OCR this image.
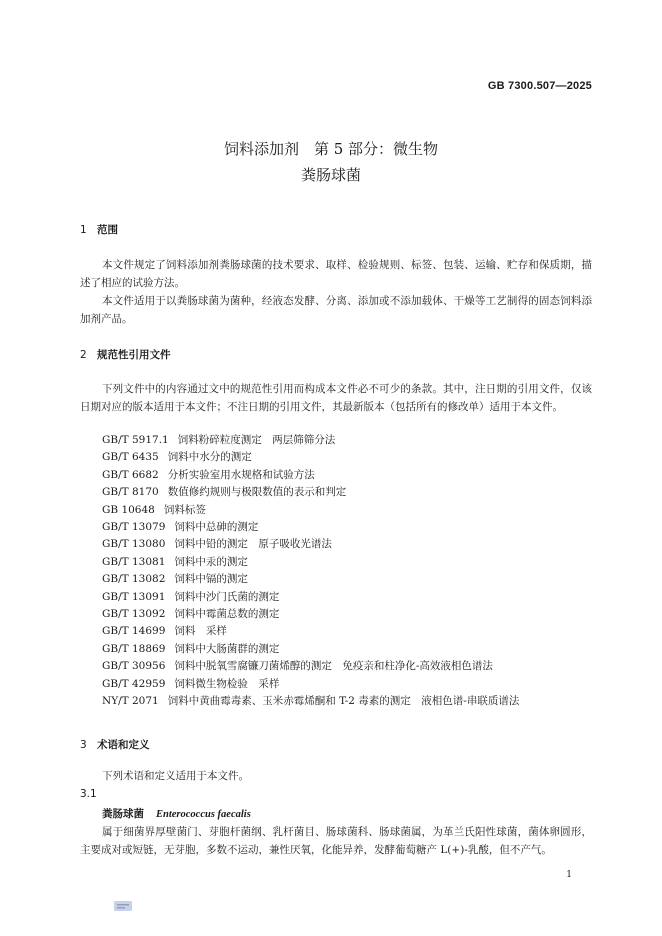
GB 7300.507—2025
饲料添加剂　第 5 部分：微生物
粪肠球菌
1 范围

本文件规定了饲料添加剂粪肠球菌的技术要求、取样、检验规则、标签、包装、运输、贮存和保质期，描述了相应的试验方法。

本文件适用于以粪肠球菌为菌种，经液态发酵、分离、添加或不添加载体、干燥等工艺制得的固态饲料添加剂产品。

2 规范性引用文件

下列文件中的内容通过文中的规范性引用而构成本文件必不可少的条款。其中，注日期的引用文件，仅该日期对应的版本适用于本文件；不注日期的引用文件，其最新版本（包括所有的修改单）适用于本文件。

GB/T 5917.1 饲料粉碎粒度测定　两层筛筛分法
GB/T 6435 饲料中水分的测定
GB/T 6682 分析实验室用水规格和试验方法
GB/T 8170 数值修约规则与极限数值的表示和判定
GB 10648 饲料标签
GB/T 13079 饲料中总砷的测定
GB/T 13080 饲料中铅的测定　原子吸收光谱法
GB/T 13081 饲料中汞的测定
GB/T 13082 饲料中镉的测定
GB/T 13091 饲料中沙门氏菌的测定
GB/T 13092 饲料中霉菌总数的测定
GB/T 14699 饲料　采样
GB/T 18869 饲料中大肠菌群的测定
GB/T 30956 饲料中脱氧雪腐镰刀菌烯醇的测定　免疫亲和柱净化-高效液相色谱法
GB/T 42959 饲料微生物检验　采样
NY/T 2071 饲料中黄曲霉毒素、玉米赤霉烯酮和 T-2 毒素的测定　液相色谱-串联质谱法
3 术语和定义

下列术语和定义适用于本文件。

3.1
粪肠球菌 Enterococcus faecalis

属于细菌界厚壁菌门、芽胞杆菌纲、乳杆菌目、肠球菌科、肠球菌属，为革兰氏阳性球菌，菌体卵圆形，主要成对或短链，无芽胞，多数不运动，兼性厌氧，化能异养，发酵葡萄糖产 L(+)-乳酸，但不产气。

1
